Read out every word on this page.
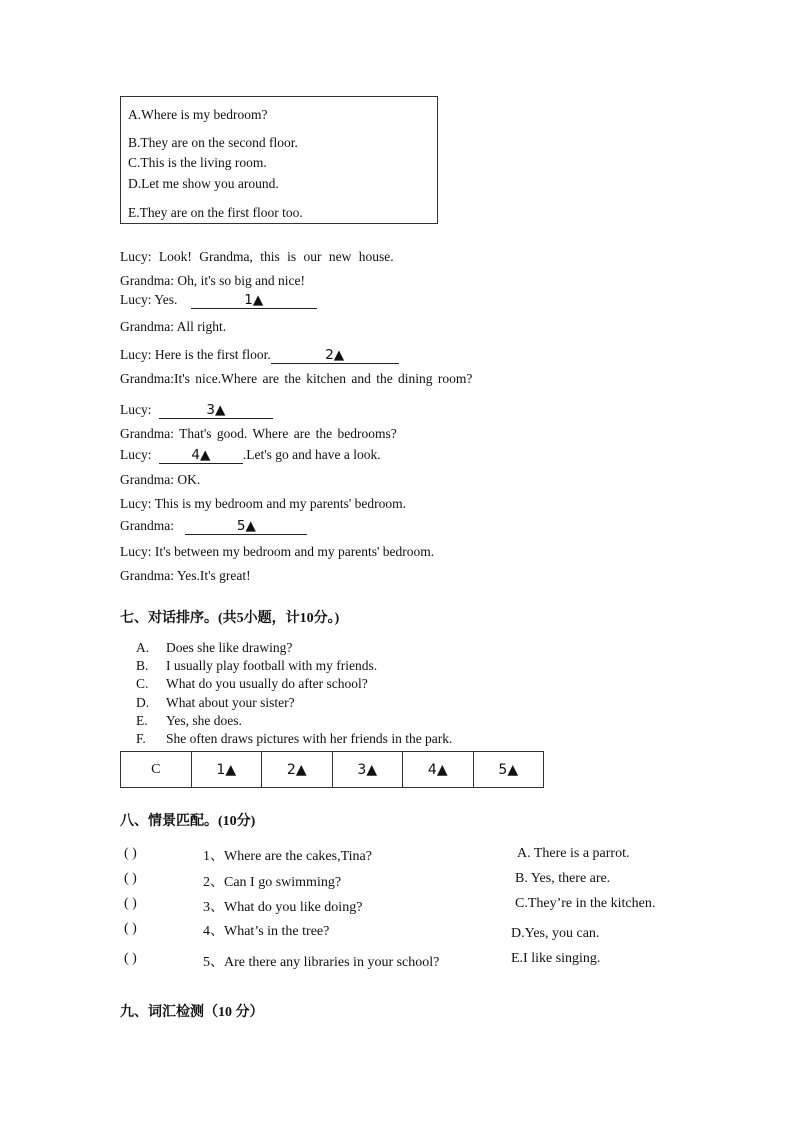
A.Where is my bedroom?
B.They are on the second floor.
C.This is the living room.
D.Let me show you around.
E.They are on the first floor too.
Lucy: Look! Grandma, this is our new house.
Grandma: Oh, it's so big and nice!
Lucy: Yes.	1▲
Grandma: All right.
Lucy: Here is the first floor.	2▲
Grandma:It's nice.Where are the kitchen and the dining room?
Lucy:	3▲
Grandma: That's good. Where are the bedrooms?
Lucy:	4▲ .Let's go and have a look.
Grandma: OK.
Lucy: This is my bedroom and my parents' bedroom.
Grandma:	5▲
Lucy: It's between my bedroom and my parents' bedroom.
Grandma: Yes.It's great!
七、对话排序。(共5小题，计10分。)
A. Does she like drawing?
B. I usually play football with my friends.
C. What do you usually do after school?
D. What about your sister?
E. Yes, she does.
F. She often draws pictures with her friends in the park.
C	1▲	2▲	3▲	4▲	5▲
八、情景匹配。(10分)
( )	1、Where are the cakes,Tina?	A. There is a parrot.
( )	2、Can I go swimming?	B. Yes, there are.
( )	3、What do you like doing?	C.They’re in the kitchen.
( )	4、What’s in the tree?	D.Yes, you can.
( )	5、Are there any libraries in your school?	E.I like singing.
九、词汇检测（10 分）
